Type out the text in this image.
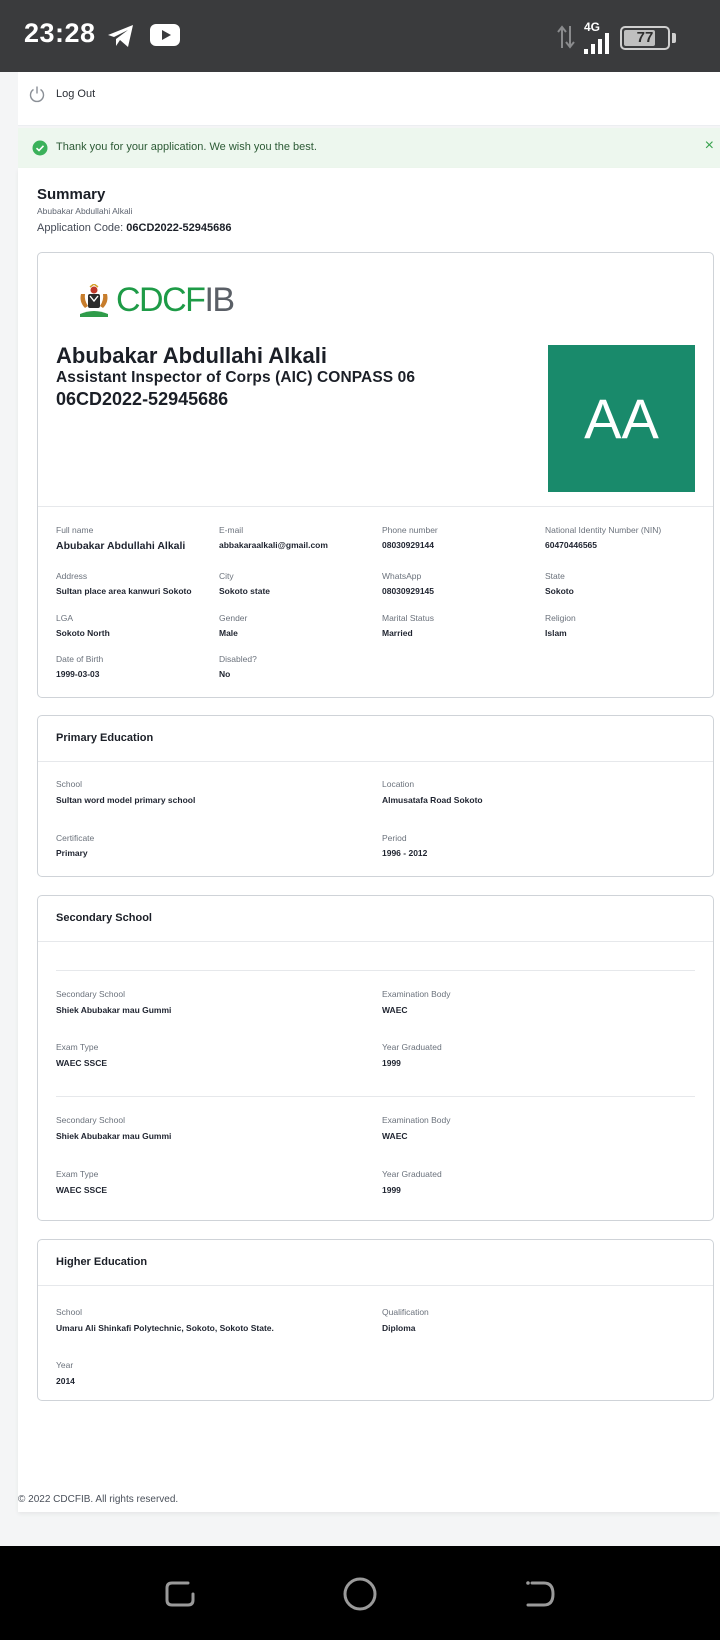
23:28	4G
77
Log Out
Thank you for your application. We wish you the best.	×
Summary
Abubakar Abdullahi Alkali
Application Code: 06CD2022-52945686
CDCFIB
Abubakar Abdullahi Alkali
Assistant Inspector of Corps (AIC) CONPASS 06
06CD2022-52945686	AA
Full name
Abubakar Abdullahi Alkali
E-mail
abbakaraalkali@gmail.com
Phone number
08030929144
National Identity Number (NIN)
60470446565
Address
Sultan place area kanwuri Sokoto
City
Sokoto state
WhatsApp
08030929145
State
Sokoto
LGA
Sokoto North
Gender
Male
Marital Status
Married
Religion
Islam
Date of Birth
1999-03-03
Disabled?
No
Primary Education
School
Sultan word model primary school
Location
Almusatafa Road Sokoto
Certificate
Primary
Period
1996 - 2012
Secondary School
Secondary School
Shiek Abubakar mau Gummi
Examination Body
WAEC
Exam Type
WAEC SSCE
Year Graduated
1999
Secondary School
Shiek Abubakar mau Gummi
Examination Body
WAEC
Exam Type
WAEC SSCE
Year Graduated
1999
Higher Education
School
Umaru Ali Shinkafi Polytechnic, Sokoto, Sokoto State.
Qualification
Diploma
Year
2014
© 2022 CDCFIB. All rights reserved.
